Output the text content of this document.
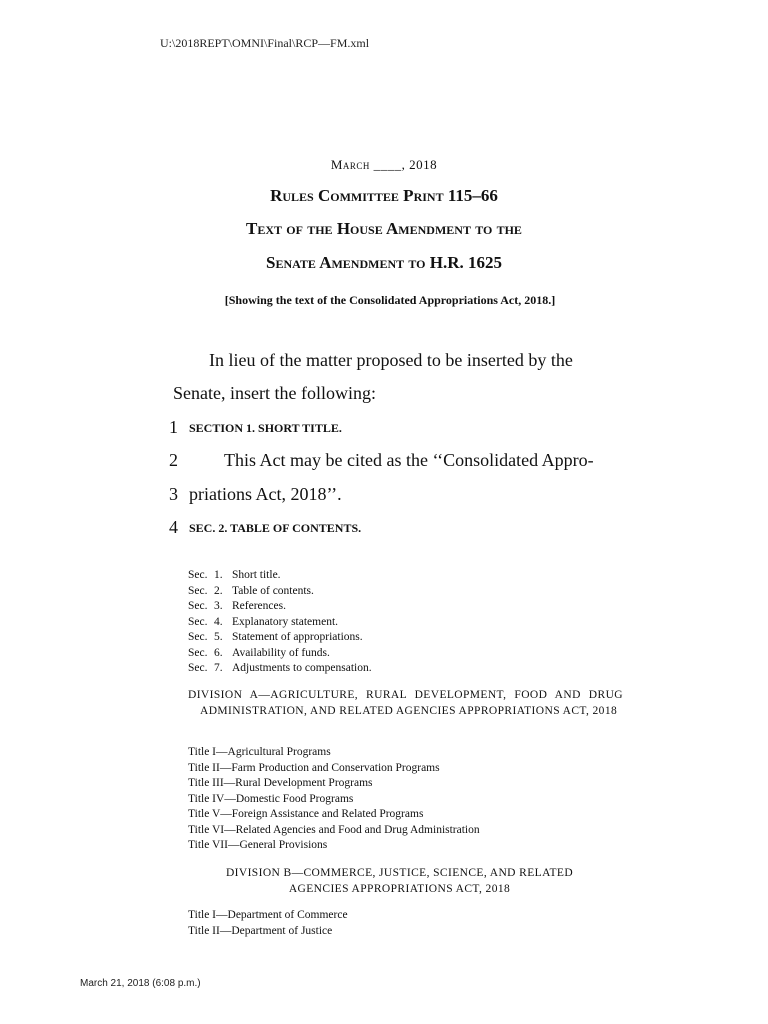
U:\2018REPT\OMNI\Final\RCP—FM.xml
March ____, 2018
Rules Committee Print 115–66
Text of the House Amendment to the
Senate Amendment to H.R. 1625
[Showing the text of the Consolidated Appropriations Act, 2018.]
In lieu of the matter proposed to be inserted by the
Senate, insert the following:
1 SECTION 1. SHORT TITLE.
2	This Act may be cited as the ‘‘Consolidated Appro-
3 priations Act, 2018’’.
4 SEC. 2. TABLE OF CONTENTS.
Sec. 1. Short title.
Sec. 2. Table of contents.
Sec. 3. References.
Sec. 4. Explanatory statement.
Sec. 5. Statement of appropriations.
Sec. 6. Availability of funds.
Sec. 7. Adjustments to compensation.
DIVISION A—AGRICULTURE, RURAL DEVELOPMENT, FOOD AND DRUG ADMINISTRATION, AND RELATED AGENCIES APPROPRIATIONS ACT, 2018
Title I—Agricultural Programs
Title II—Farm Production and Conservation Programs
Title III—Rural Development Programs
Title IV—Domestic Food Programs
Title V—Foreign Assistance and Related Programs
Title VI—Related Agencies and Food and Drug Administration
Title VII—General Provisions
DIVISION B—COMMERCE, JUSTICE, SCIENCE, AND RELATED
AGENCIES APPROPRIATIONS ACT, 2018
Title I—Department of Commerce
Title II—Department of Justice
March 21, 2018 (6:08 p.m.)
